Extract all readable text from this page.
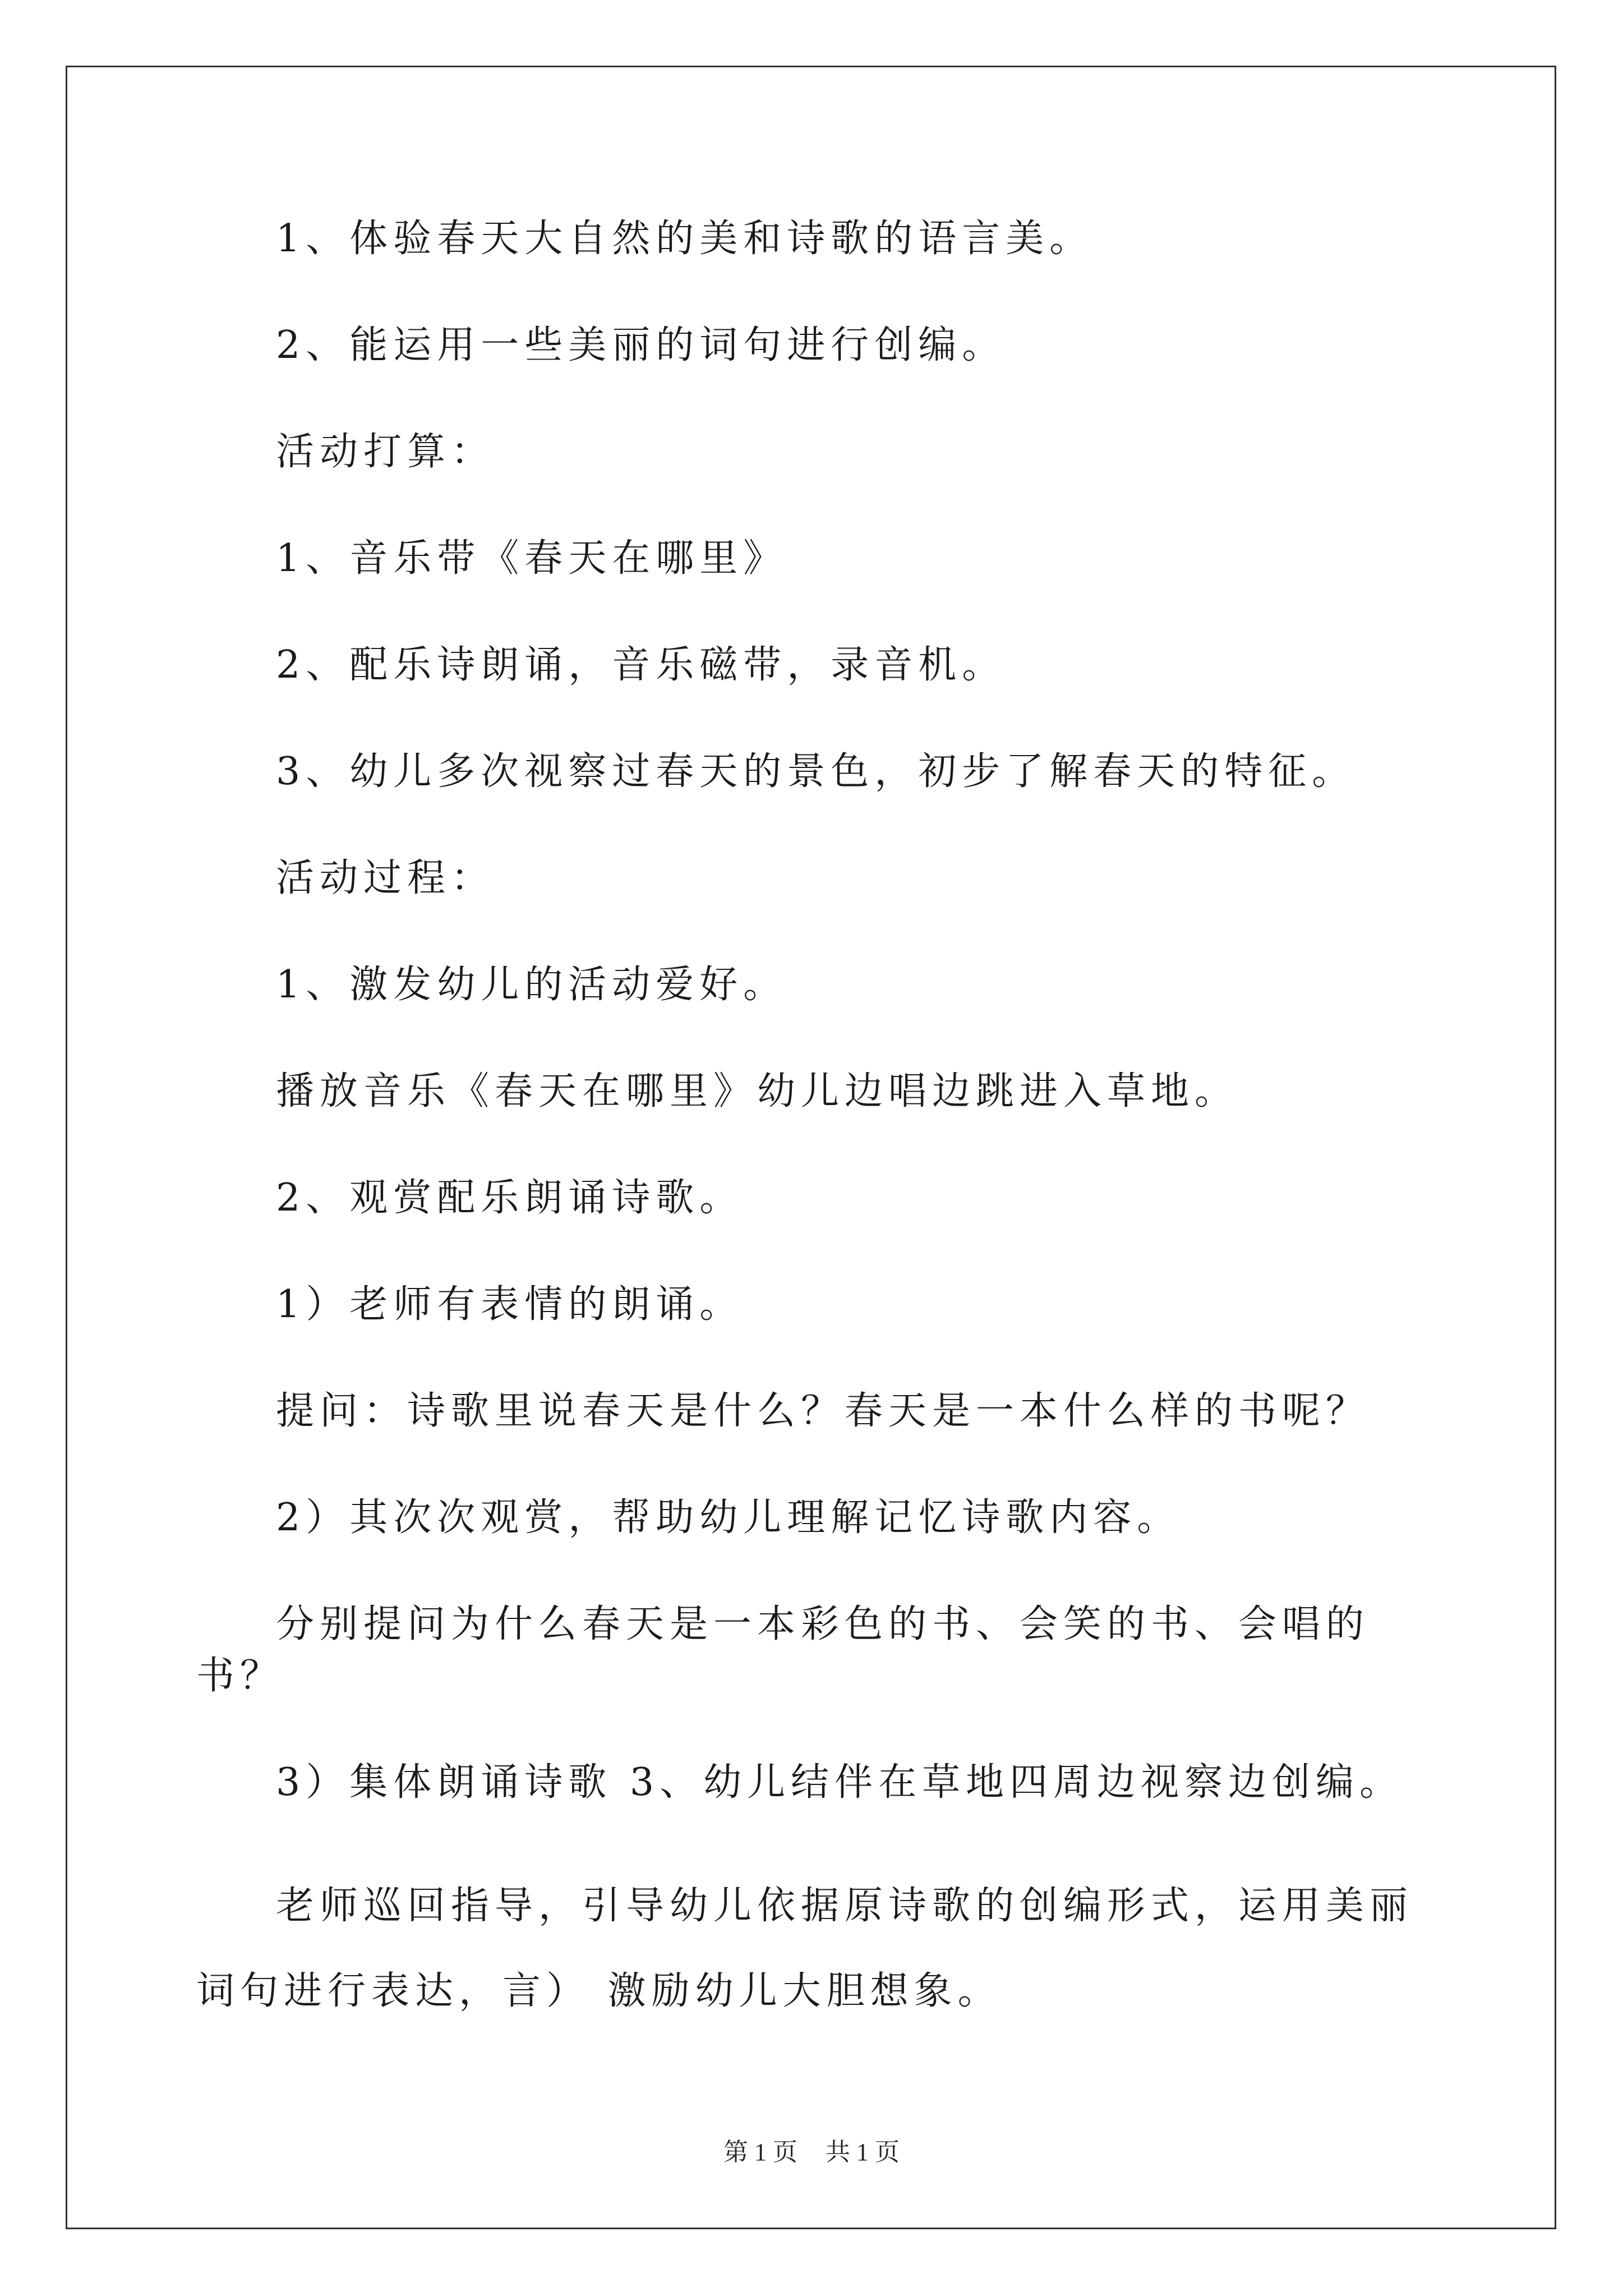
1、体验春天大自然的美和诗歌的语言美。

2、能运用一些美丽的词句进行创编。

活动打算：

1、音乐带《春天在哪里》

2、配乐诗朗诵，音乐磁带，录音机。

3、幼儿多次视察过春天的景色，初步了解春天的特征。

活动过程：

1、激发幼儿的活动爱好。

播放音乐《春天在哪里》幼儿边唱边跳进入草地。

2、观赏配乐朗诵诗歌。

1）老师有表情的朗诵。

提问：诗歌里说春天是什么？春天是一本什么样的书呢？

2）其次次观赏，帮助幼儿理解记忆诗歌内容。

分别提问为什么春天是一本彩色的书、会笑的书、会唱的书？

3）集体朗诵诗歌 3、幼儿结伴在草地四周边视察边创编。

老师巡回指导，引导幼儿依据原诗歌的创编形式，运用美丽词句进行表达，言） 激励幼儿大胆想象。

第 1 页 共 1 页
